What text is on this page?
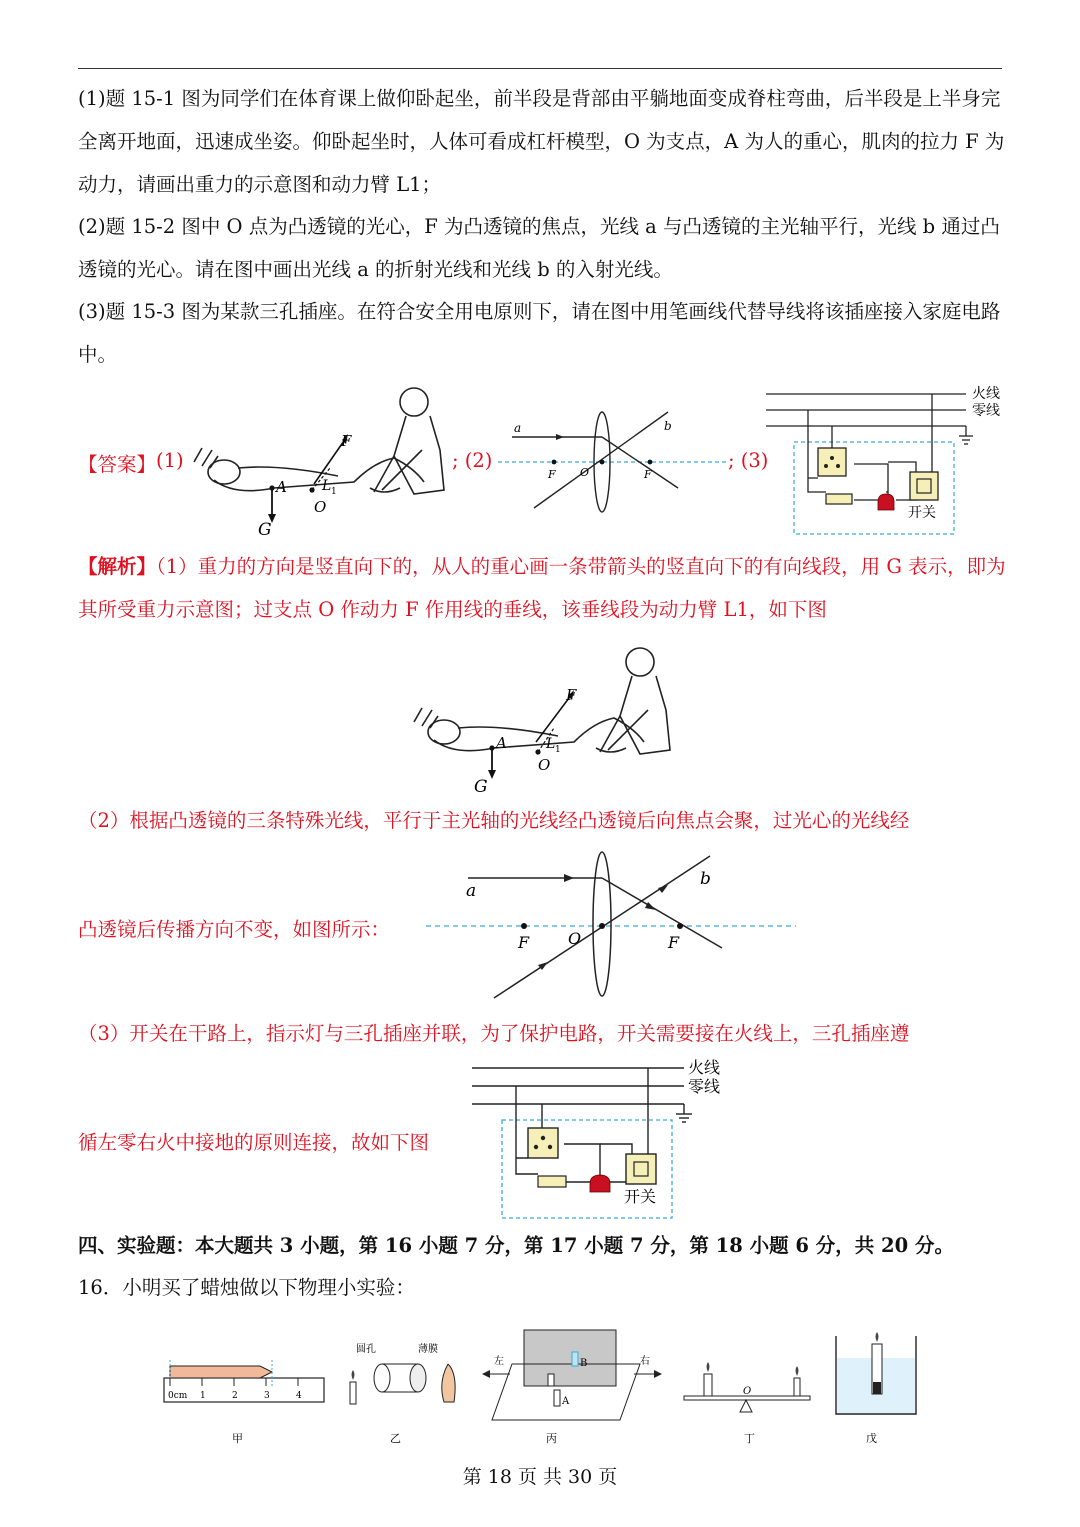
(1)题 15-1 图为同学们在体育课上做仰卧起坐，前半段是背部由平躺地面变成脊柱弯曲，后半段是上半身完全离开地面，迅速成坐姿。仰卧起坐时，人体可看成杠杆模型，O 为支点，A 为人的重心，肌肉的拉力 F 为动力，请画出重力的示意图和动力臂 L1；
(2)题 15-2 图中 O 点为凸透镜的光心，F 为凸透镜的焦点，光线 a 与凸透镜的主光轴平行，光线 b 通过凸透镜的光心。请在图中画出光线 a 的折射光线和光线 b 的入射光线。
(3)题 15-3 图为某款三孔插座。在符合安全用电原则下，请在图中用笔画线代替导线将该插座接入家庭电路中。
【答案】 (1)	; (2)	; (3)
G
A
F
O
L 1
a	b
F O	F
火线
零线
开关
【解析】（1）重力的方向是竖直向下的，从人的重心画一条带箭头的竖直向下的有向线段，用 G 表示，即为其所受重力示意图；过支点 O 作动力 F 作用线的垂线，该垂线段为动力臂 L1，如下图
G
A
F
O
L 1
（2）根据凸透镜的三条特殊光线，平行于主光轴的光线经凸透镜后向焦点会聚，过光心的光线经
凸透镜后传播方向不变，如图所示：
a
b
F O	F
（3）开关在干路上，指示灯与三孔插座并联，为了保护电路，开关需要接在火线上，三孔插座遵
循左零右火中接地的原则连接，故如下图
火线
零线
开关
四、实验题：本大题共 3 小题，第 16 小题 7 分，第 17 小题 7 分，第 18 小题 6 分，共 20 分。
16．小明买了蜡烛做以下物理小实验：
0cm 1	2	3	4
甲
圆孔	薄膜
乙
左	右
B
A
丙
O
丁	戊
第 18 页 共 30 页
